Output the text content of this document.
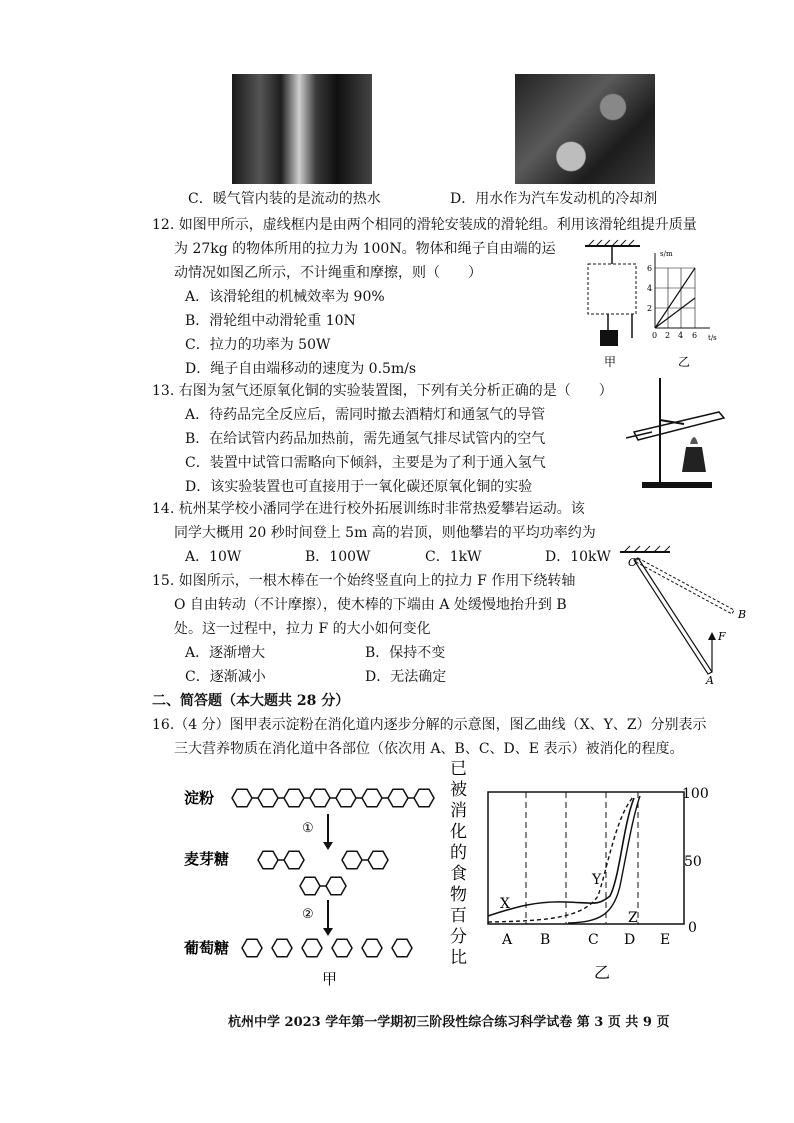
C．暖气管内装的是流动的热水	D．用水作为汽车发动机的冷却剂
12. 如图甲所示，虚线框内是由两个相同的滑轮安装成的滑轮组。利用该滑轮组提升质量
为 27kg 的物体所用的拉力为 100N。物体和绳子自由端的运
动情况如图乙所示，不计绳重和摩擦，则（　　）
A．该滑轮组的机械效率为 90%
B．滑轮组中动滑轮重 10N
C．拉力的功率为 50W
D．绳子自由端移动的速度为 0.5m/s	甲
6
4
2
0 2 4 6
s/m
t/s
乙
13. 右图为氢气还原氧化铜的实验装置图，下列有关分析正确的是（　　）
A．待药品完全反应后，需同时撤去酒精灯和通氢气的导管
B．在给试管内药品加热前，需先通氢气排尽试管内的空气
C．装置中试管口需略向下倾斜，主要是为了利于通入氢气
D．该实验装置也可直接用于一氧化碳还原氧化铜的实验
14. 杭州某学校小潘同学在进行校外拓展训练时非常热爱攀岩运动。该
同学大概用 20 秒时间登上 5m 高的岩顶，则他攀岩的平均功率约为
A．10W	B．100W	C．1kW	D．10kW
15. 如图所示，一根木棒在一个始终竖直向上的拉力 F 作用下绕转轴
O 自由转动（不计摩擦），使木棒的下端由 A 处缓慢地抬升到 B
处。这一过程中，拉力 F 的大小如何变化
A．逐渐增大	B．保持不变
C．逐渐减小	D．无法确定
O
F
B
A
二、简答题（本大题共 28 分）
16.（4 分）图甲表示淀粉在消化道内逐步分解的示意图，图乙曲线（X、Y、Z）分别表示
三大营养物质在消化道中各部位（依次用 A、B、C、D、E 表示）被消化的程度。
淀粉
①
麦芽糖
②
葡萄糖
甲
已
被
消
化
的
食
物
百
分
比
X
Y
Z
100
50
0
A B	C D E
乙
杭州中学 2023 学年第一学期初三阶段性综合练习科学试卷 第 3 页 共 9 页
